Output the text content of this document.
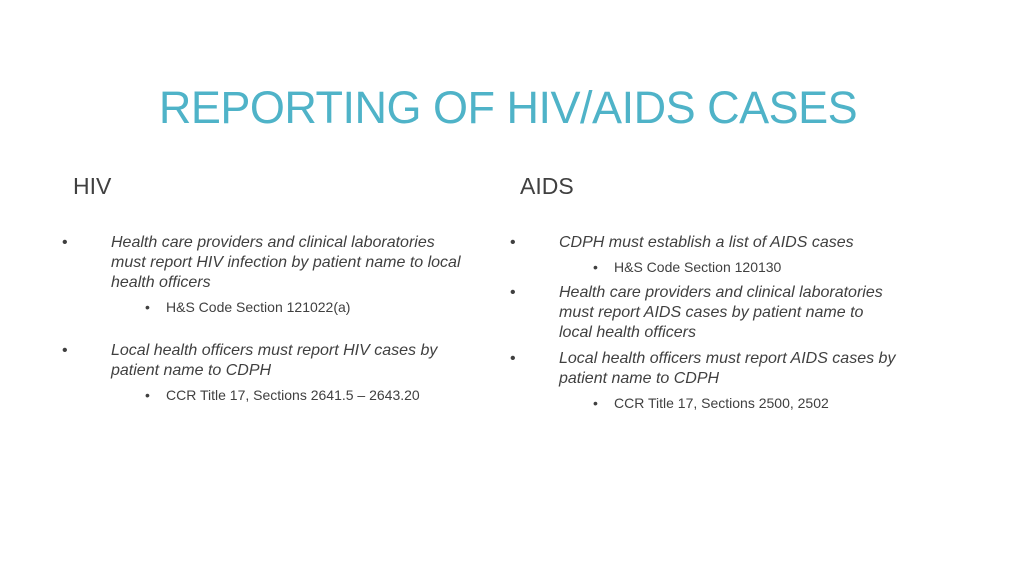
REPORTING OF HIV/AIDS CASES
HIV	AIDS
•	Health care providers and clinical laboratories must report HIV infection by patient name to local health officers
• H&S Code Section 121022(a)
•	Local health officers must report HIV cases by patient name to CDPH
• CCR Title 17, Sections 2641.5 – 2643.20
•	CDPH must establish a list of AIDS cases
• H&S Code Section 120130
•	Health care providers and clinical laboratories must report AIDS cases by patient name to local health officers
•	Local health officers must report AIDS cases by patient name to CDPH
• CCR Title 17, Sections 2500, 2502
